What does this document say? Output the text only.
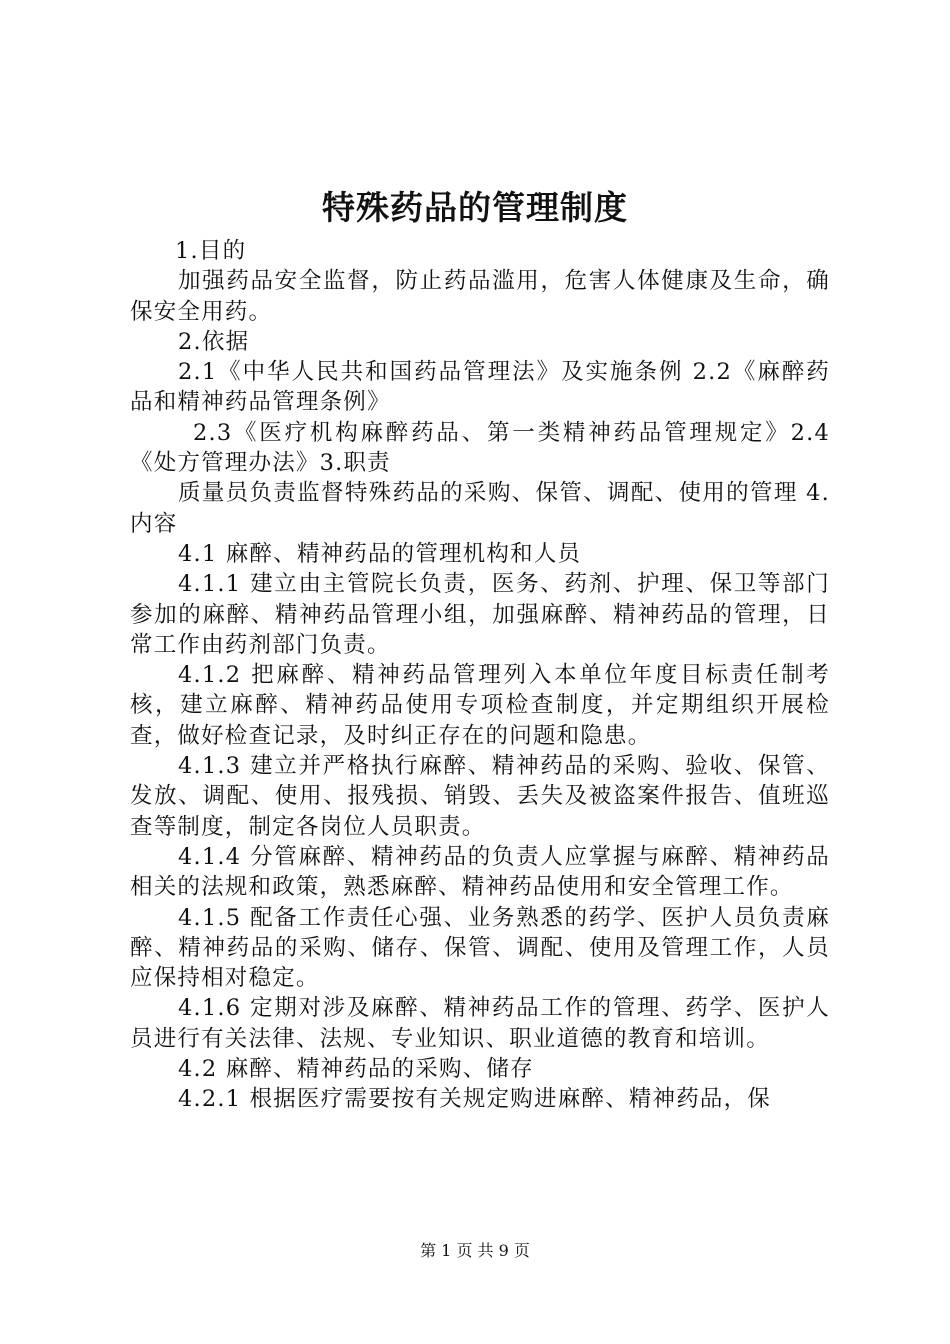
特殊药品的管理制度

1.目的

加强药品安全监督，防止药品滥用，危害人体健康及生命，确保安全用药。

2.依据

2.1《中华人民共和国药品管理法》及实施条例 2.2《麻醉药品和精神药品管理条例》

2.3《医疗机构麻醉药品、第一类精神药品管理规定》2.4《处方管理办法》3.职责

质量员负责监督特殊药品的采购、保管、调配、使用的管理 4.内容

4.1 麻醉、精神药品的管理机构和人员

4.1.1 建立由主管院长负责，医务、药剂、护理、保卫等部门参加的麻醉、精神药品管理小组，加强麻醉、精神药品的管理，日常工作由药剂部门负责。

4.1.2 把麻醉、精神药品管理列入本单位年度目标责任制考核，建立麻醉、精神药品使用专项检查制度，并定期组织开展检查，做好检查记录，及时纠正存在的问题和隐患。

4.1.3 建立并严格执行麻醉、精神药品的采购、验收、保管、发放、调配、使用、报残损、销毁、丢失及被盗案件报告、值班巡查等制度，制定各岗位人员职责。

4.1.4 分管麻醉、精神药品的负责人应掌握与麻醉、精神药品相关的法规和政策，熟悉麻醉、精神药品使用和安全管理工作。

4.1.5 配备工作责任心强、业务熟悉的药学、医护人员负责麻醉、精神药品的采购、储存、保管、调配、使用及管理工作，人员应保持相对稳定。

4.1.6 定期对涉及麻醉、精神药品工作的管理、药学、医护人员进行有关法律、法规、专业知识、职业道德的教育和培训。

4.2 麻醉、精神药品的采购、储存

4.2.1 根据医疗需要按有关规定购进麻醉、精神药品，保

第 1 页 共 9 页
